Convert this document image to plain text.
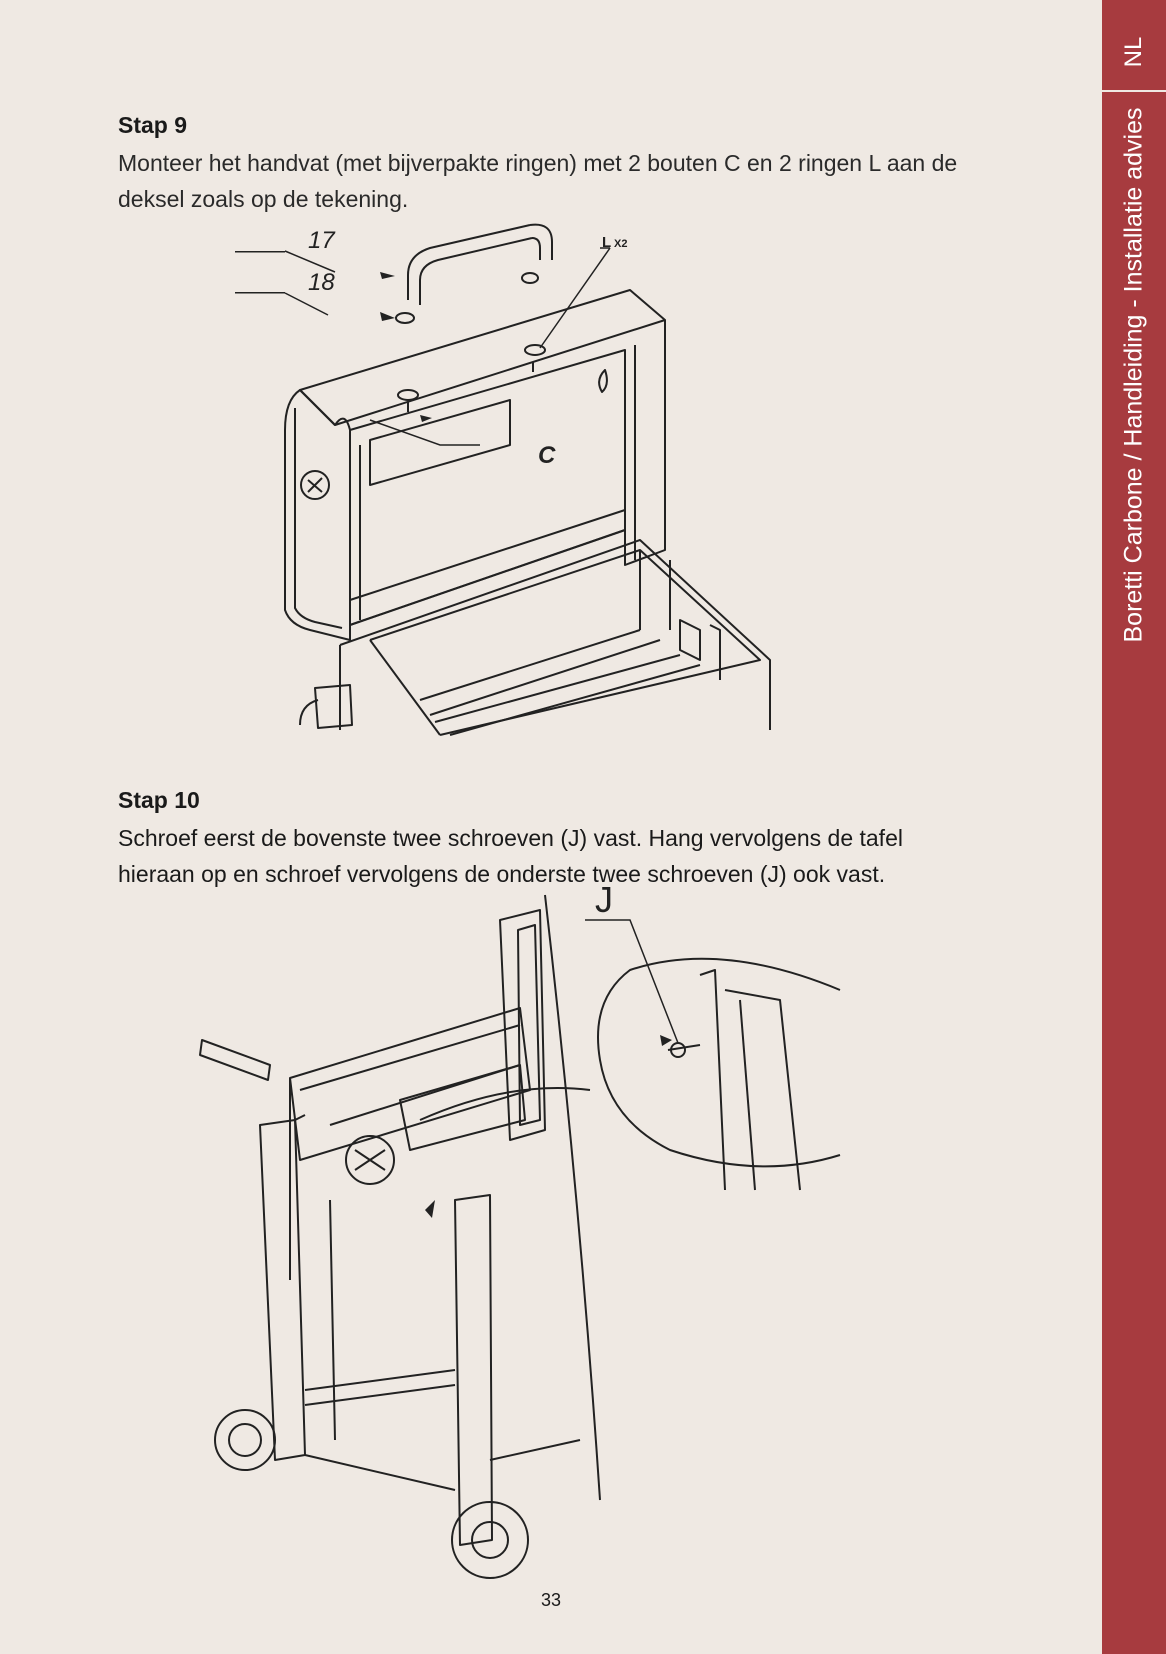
NL
Boretti Carbone / Handleiding - Installatie advies
Stap 9

Monteer het handvat (met bijverpakte ringen) met 2 bouten C en 2 ringen L aan de deksel zoals op de tekening.

17
18
L X2
C
Stap 10

Schroef eerst de bovenste twee schroeven (J) vast. Hang vervolgens de tafel hieraan op en schroef vervolgens de onderste twee schroeven (J) ook vast.

J
33
